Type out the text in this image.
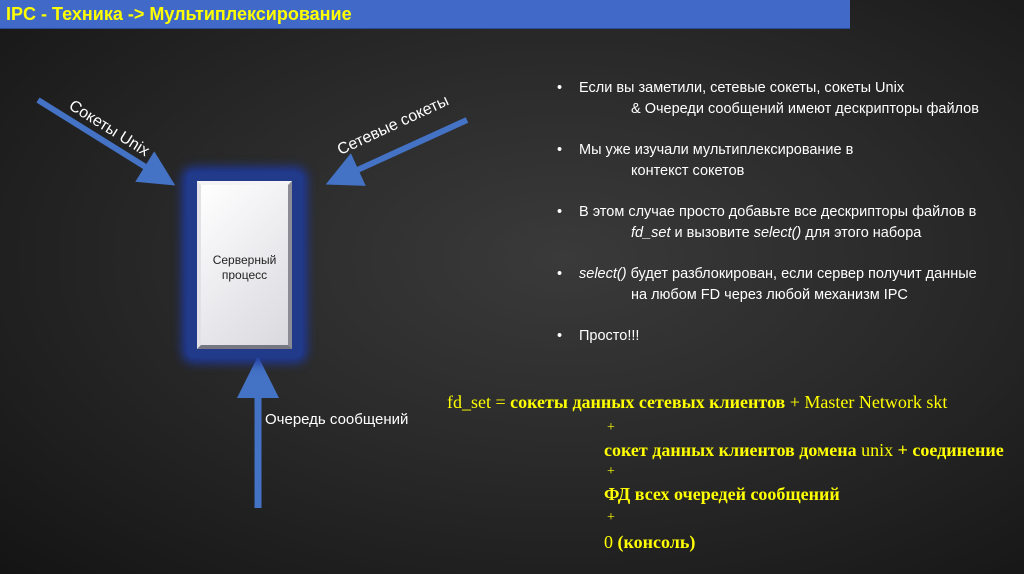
IPC - Техника -> Мультиплексирование
Сокеты Unix	Сетевые сокеты
Серверный
процесс
Очередь сообщений
• Если вы заметили, сетевые сокеты, сокеты Unix
& Очереди сообщений имеют дескрипторы файлов
• Мы уже изучали мультиплексирование в
контекст сокетов
• В этом случае просто добавьте все дескрипторы файлов в
fd_set и вызовите select() для этого набора
• select() будет разблокирован, если сервер получит данные
на любом FD через любой механизм IPC
• Просто!!!
fd_set = сокеты данных сетевых клиентов + Master Network skt
+
сокет данных клиентов домена unix + соединение
+
ФД всех очередей сообщений
+
0 (консоль)
